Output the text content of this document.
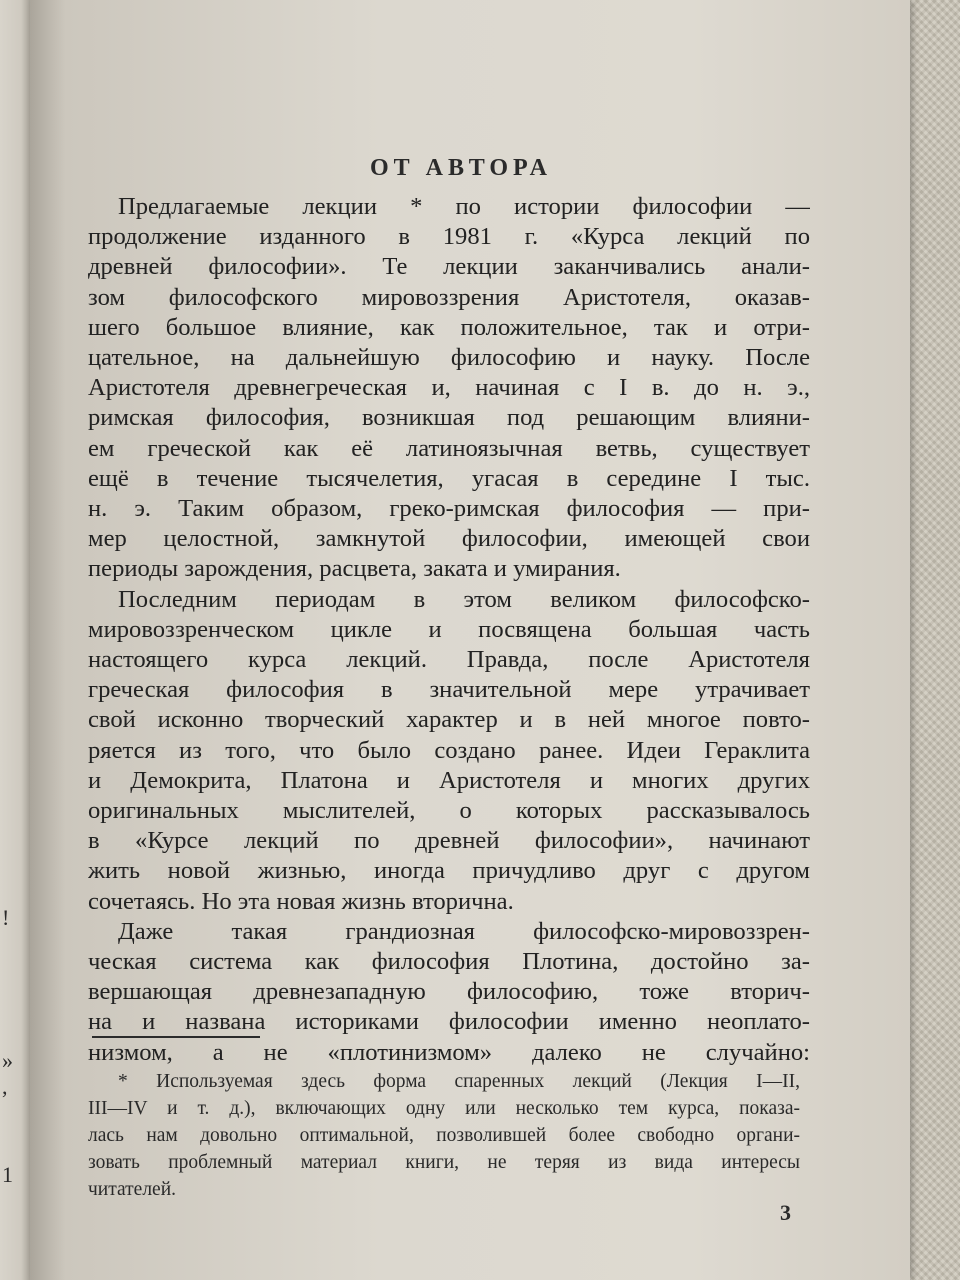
!
»
,
1
ОТ АВТОРА
Предлагаемые лекции * по истории философии —
продолжение изданного в 1981 г. «Курса лекций по
древней философии». Те лекции заканчивались анали-
зом философского мировоззрения Аристотеля, оказав-
шего большое влияние, как положительное, так и отри-
цательное, на дальнейшую философию и науку. После
Аристотеля древнегреческая и, начиная с I в. до н. э.,
римская философия, возникшая под решающим влияни-
ем греческой как её латиноязычная ветвь, существует
ещё в течение тысячелетия, угасая в середине I тыс.
н. э. Таким образом, греко-римская философия — при-
мер целостной, замкнутой философии, имеющей свои
периоды зарождения, расцвета, заката и умирания.
Последним периодам в этом великом философско-
мировоззренческом цикле и посвящена большая часть
настоящего курса лекций. Правда, после Аристотеля
греческая философия в значительной мере утрачивает
свой исконно творческий характер и в ней многое повто-
ряется из того, что было создано ранее. Идеи Гераклита
и Демокрита, Платона и Аристотеля и многих других
оригинальных мыслителей, о которых рассказывалось
в «Курсе лекций по древней философии», начинают
жить новой жизнью, иногда причудливо друг с другом
сочетаясь. Но эта новая жизнь вторична.
Даже такая грандиозная философско-мировоззрен-
ческая система как философия Плотина, достойно за-
вершающая древнезападную философию, тоже вторич-
на и названа историками философии именно неоплато-
низмом, а не «плотинизмом» далеко не случайно:
* Используемая здесь форма спаренных лекций (Лекция I—II,
III—IV и т. д.), включающих одну или несколько тем курса, показа-
лась нам довольно оптимальной, позволившей более свободно органи-
зовать проблемный материал книги, не теряя из вида интересы
читателей.
3
